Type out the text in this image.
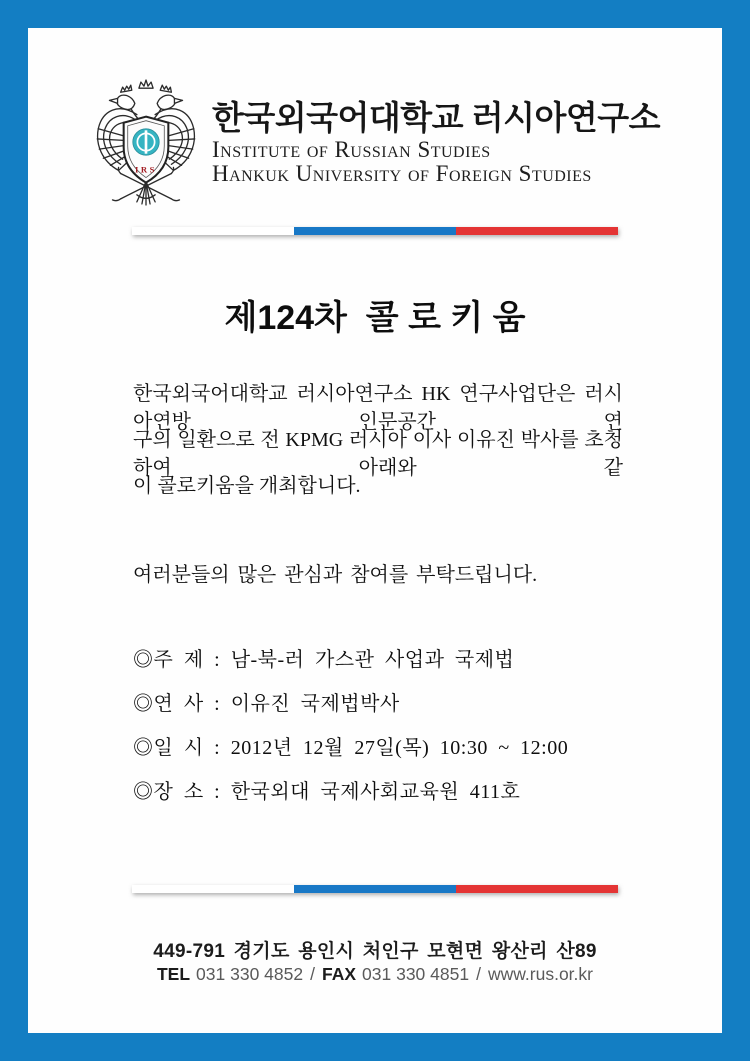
IRS
한국외국어대학교 러시아연구소
Institute of Russian Studies
Hankuk University of Foreign Studies
제124차  콜 로 키 움
한국외국어대학교 러시아연구소 HK 연구사업단은 러시아연방 인문공간 연
구의 일환으로 전 KPMG 러시아 이사 이유진 박사를 초청하여 아래와 같
이 콜로키움을 개최합니다.
여러분들의 많은 관심과 참여를 부탁드립니다.
◎주 제 : 남-북-러 가스관 사업과 국제법
◎연 사 : 이유진 국제법박사
◎일 시 : 2012년 12월 27일(목) 10:30 ~ 12:00
◎장 소 : 한국외대 국제사회교육원 411호
449-791 경기도 용인시 처인구 모현면 왕산리 산89
TEL 031 330 4852 / FAX 031 330 4851 / www.rus.or.kr
